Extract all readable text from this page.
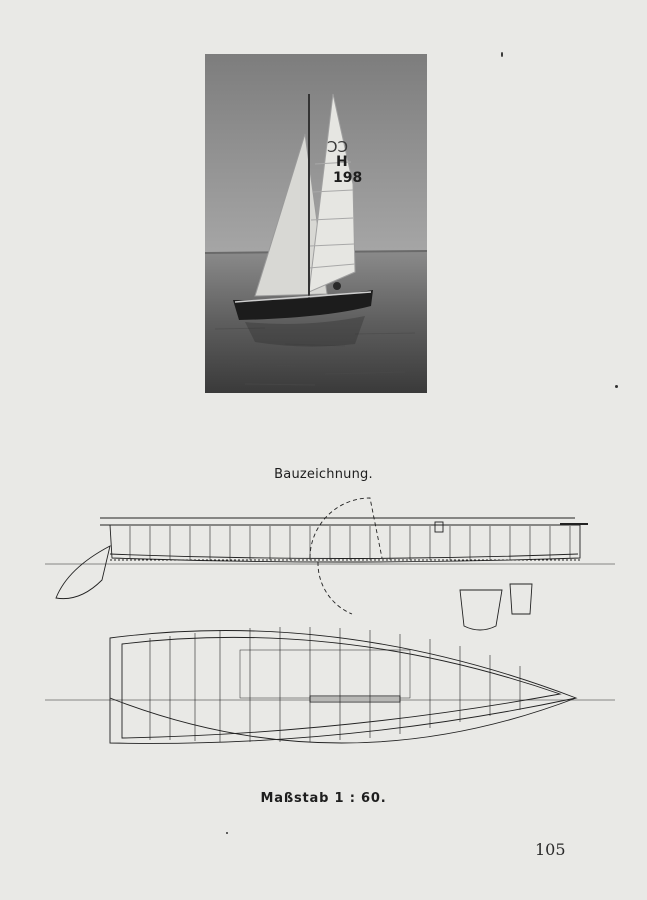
ƆƆ
H
198
Bauzeichnung.
Maßstab 1 : 60.
105
